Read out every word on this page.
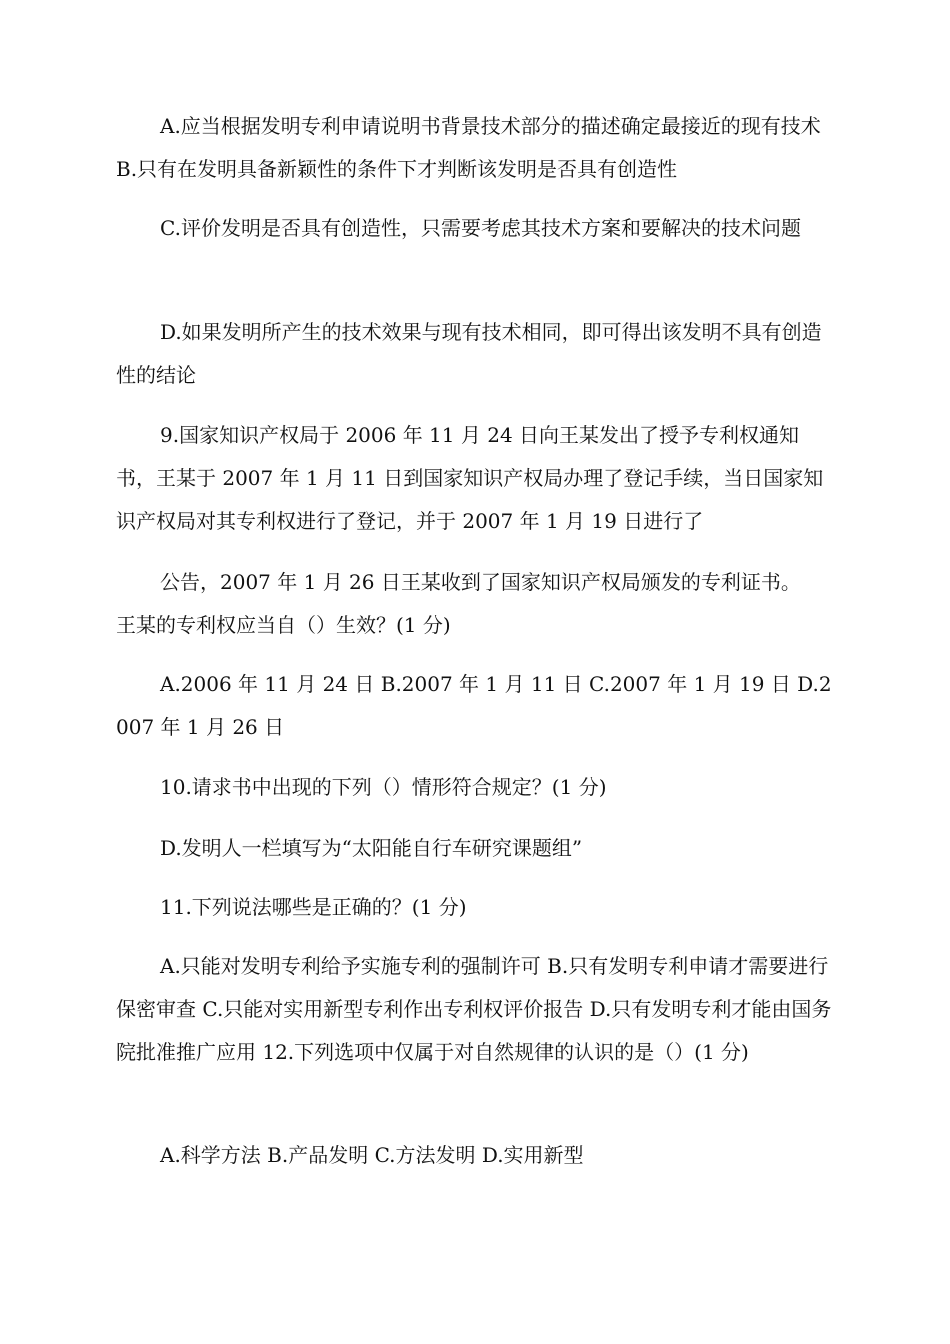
A.应当根据发明专利申请说明书背景技术部分的描述确定最接近的现有技术 B.只有在发明具备新颖性的条件下才判断该发明是否具有创造性
C.评价发明是否具有创造性，只需要考虑其技术方案和要解决的技术问题
D.如果发明所产生的技术效果与现有技术相同，即可得出该发明不具有创造性的结论
9.国家知识产权局于 2006 年 11 月 24 日向王某发出了授予专利权通知书，王某于 2007 年 1 月 11 日到国家知识产权局办理了登记手续，当日国家知识产权局对其专利权进行了登记，并于 2007 年 1 月 19 日进行了
公告，2007 年 1 月 26 日王某收到了国家知识产权局颁发的专利证书。
王某的专利权应当自（）生效？(1 分)
A.2006 年 11 月 24 日 B.2007 年 1 月 11 日 C.2007 年 1 月 19 日 D.2007 年 1 月 26 日
10.请求书中出现的下列（）情形符合规定？(1 分)
D.发明人一栏填写为“太阳能自行车研究课题组”
11.下列说法哪些是正确的？(1 分)
A.只能对发明专利给予实施专利的强制许可 B.只有发明专利申请才需要进行保密审查 C.只能对实用新型专利作出专利权评价报告 D.只有发明专利才能由国务院批准推广应用 12.下列选项中仅属于对自然规律的认识的是（）(1 分)
A.科学方法 B.产品发明 C.方法发明 D.实用新型
